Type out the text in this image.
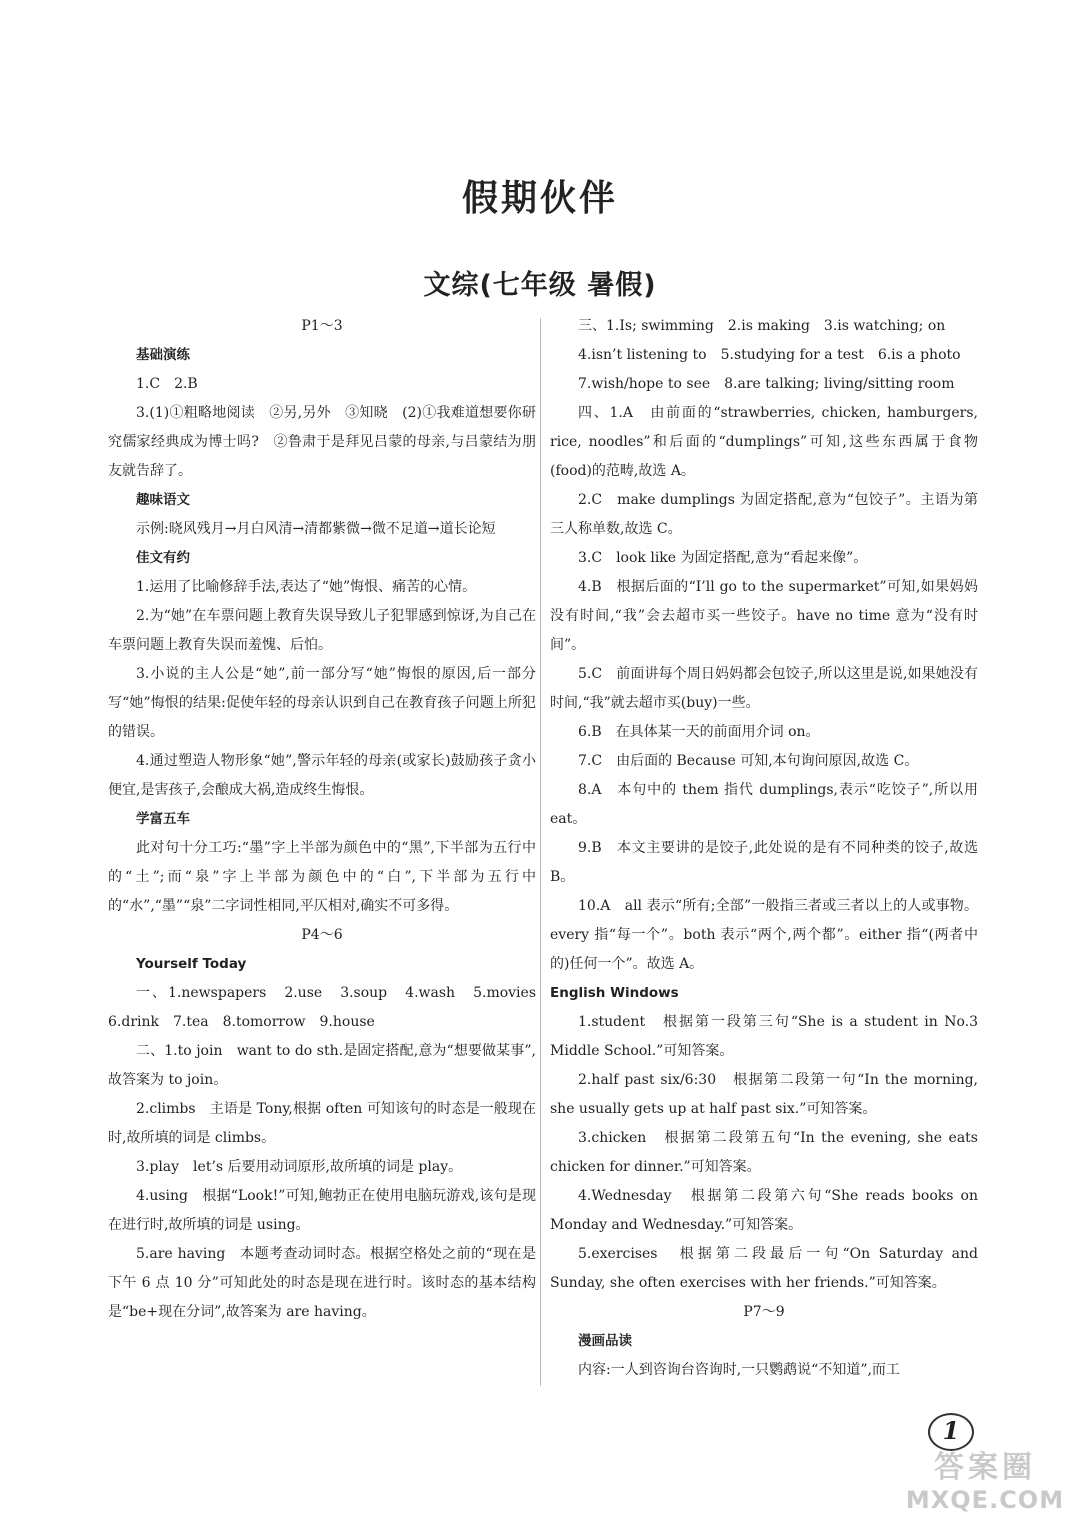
假期伙伴
文综(七年级 暑假)

P1～3

基础演练

1.C　2.B

3.(1)①粗略地阅读　②另,另外　③知晓　(2)①我难道想要你研究儒家经典成为博士吗?　②鲁肃于是拜见吕蒙的母亲,与吕蒙结为朋友就告辞了。

趣味语文

示例:晓风残月→月白风清→清都紫微→微不足道→道长论短

佳文有约

1.运用了比喻修辞手法,表达了“她”悔恨、痛苦的心情。

2.为“她”在车票问题上教育失误导致儿子犯罪感到惊讶,为自己在车票问题上教育失误而羞愧、后怕。

3.小说的主人公是“她”,前一部分写“她”悔恨的原因,后一部分写“她”悔恨的结果:促使年轻的母亲认识到自己在教育孩子问题上所犯的错误。

4.通过塑造人物形象“她”,警示年轻的母亲(或家长)鼓励孩子贪小便宜,是害孩子,会酿成大祸,造成终生悔恨。

学富五车

此对句十分工巧:“墨”字上半部为颜色中的“黑”,下半部为五行中的“土”;而“泉”字上半部为颜色中的“白”,下半部为五行中的“水”,“墨”“泉”二字词性相同,平仄相对,确实不可多得。

P4～6

Yourself Today

一、1.newspapers　2.use　3.soup　4.wash　5.movies　6.drink　7.tea　8.tomorrow　9.house

二、1.to join　want to do sth.是固定搭配,意为“想要做某事”,故答案为 to join。

2.climbs　主语是 Tony,根据 often 可知该句的时态是一般现在时,故所填的词是 climbs。

3.play　let’s 后要用动词原形,故所填的词是 play。

4.using　根据“Look!”可知,鲍勃正在使用电脑玩游戏,该句是现在进行时,故所填的词是 using。

5.are having　本题考查动词时态。根据空格处之前的“现在是下午 6 点 10 分”可知此处的时态是现在进行时。该时态的基本结构是“be+现在分词”,故答案为 are having。

三、1.Is; swimming　2.is making　3.is watching; on

4.isn’t listening to　5.studying for a test　6.is a photo

7.wish/hope to see　8.are talking; living/sitting room

四、1.A　由前面的“strawberries, chicken, hamburgers, rice, noodles”和后面的“dumplings”可知,这些东西属于食物(food)的范畴,故选 A。

2.C　make dumplings 为固定搭配,意为“包饺子”。主语为第三人称单数,故选 C。

3.C　look like 为固定搭配,意为“看起来像”。

4.B　根据后面的“I’ll go to the supermarket”可知,如果妈妈没有时间,“我”会去超市买一些饺子。have no time 意为“没有时间”。

5.C　前面讲每个周日妈妈都会包饺子,所以这里是说,如果她没有时间,“我”就去超市买(buy)一些。

6.B　在具体某一天的前面用介词 on。

7.C　由后面的 Because 可知,本句询问原因,故选 C。

8.A　本句中的 them 指代 dumplings,表示“吃饺子”,所以用 eat。

9.B　本文主要讲的是饺子,此处说的是有不同种类的饺子,故选 B。

10.A　all 表示“所有;全部”一般指三者或三者以上的人或事物。every 指“每一个”。both 表示“两个,两个都”。either 指“(两者中的)任何一个”。故选 A。

English Windows

1.student　根据第一段第三句“She is a student in No.3 Middle School.”可知答案。

2.half past six/6:30　根据第二段第一句“In the morning, she usually gets up at half past six.”可知答案。

3.chicken　根据第二段第五句“In the evening, she eats chicken for dinner.”可知答案。

4.Wednesday　根据第二段第六句“She reads books on Monday and Wednesday.”可知答案。

5.exercises　根据第二段最后一句“On Saturday and Sunday, she often exercises with her friends.”可知答案。

P7～9

漫画品读

内容:一人到咨询台咨询时,一只鹦鹉说“不知道”,而工

1
答案圈
MXQE.COM
